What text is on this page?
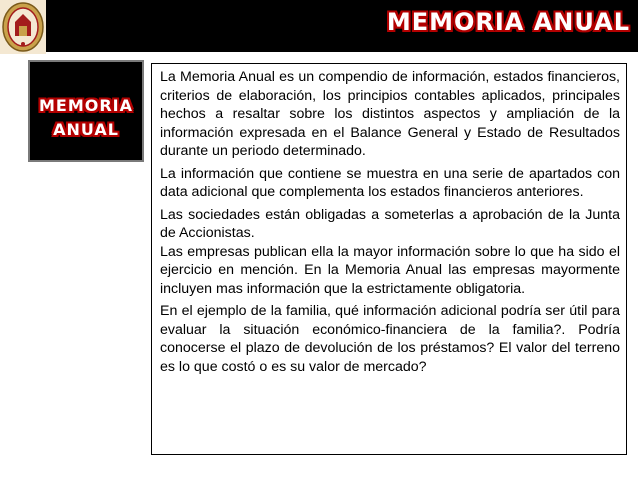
MEMORIA ANUAL
MEMORIA
ANUAL

La Memoria Anual es un compendio de información, estados financieros, criterios de elaboración, los principios contables aplicados, principales hechos a resaltar sobre los distintos aspectos y ampliación de la información expresada en el Balance General y Estado de Resultados durante un periodo determinado.

La información que contiene se muestra en una serie de apartados con data adicional que complementa los estados financieros anteriores.

Las sociedades están obligadas a someterlas a aprobación de la Junta de Accionistas.

Las empresas publican ella la mayor información sobre lo que ha sido el ejercicio en mención. En la Memoria Anual las empresas mayormente incluyen mas información que la estrictamente obligatoria.

En el ejemplo de la familia, qué información adicional podría ser útil para evaluar la situación económico-financiera de la familia?. Podría conocerse el plazo de devolución de los préstamos? El valor del terreno es lo que costó o es su valor de mercado?
